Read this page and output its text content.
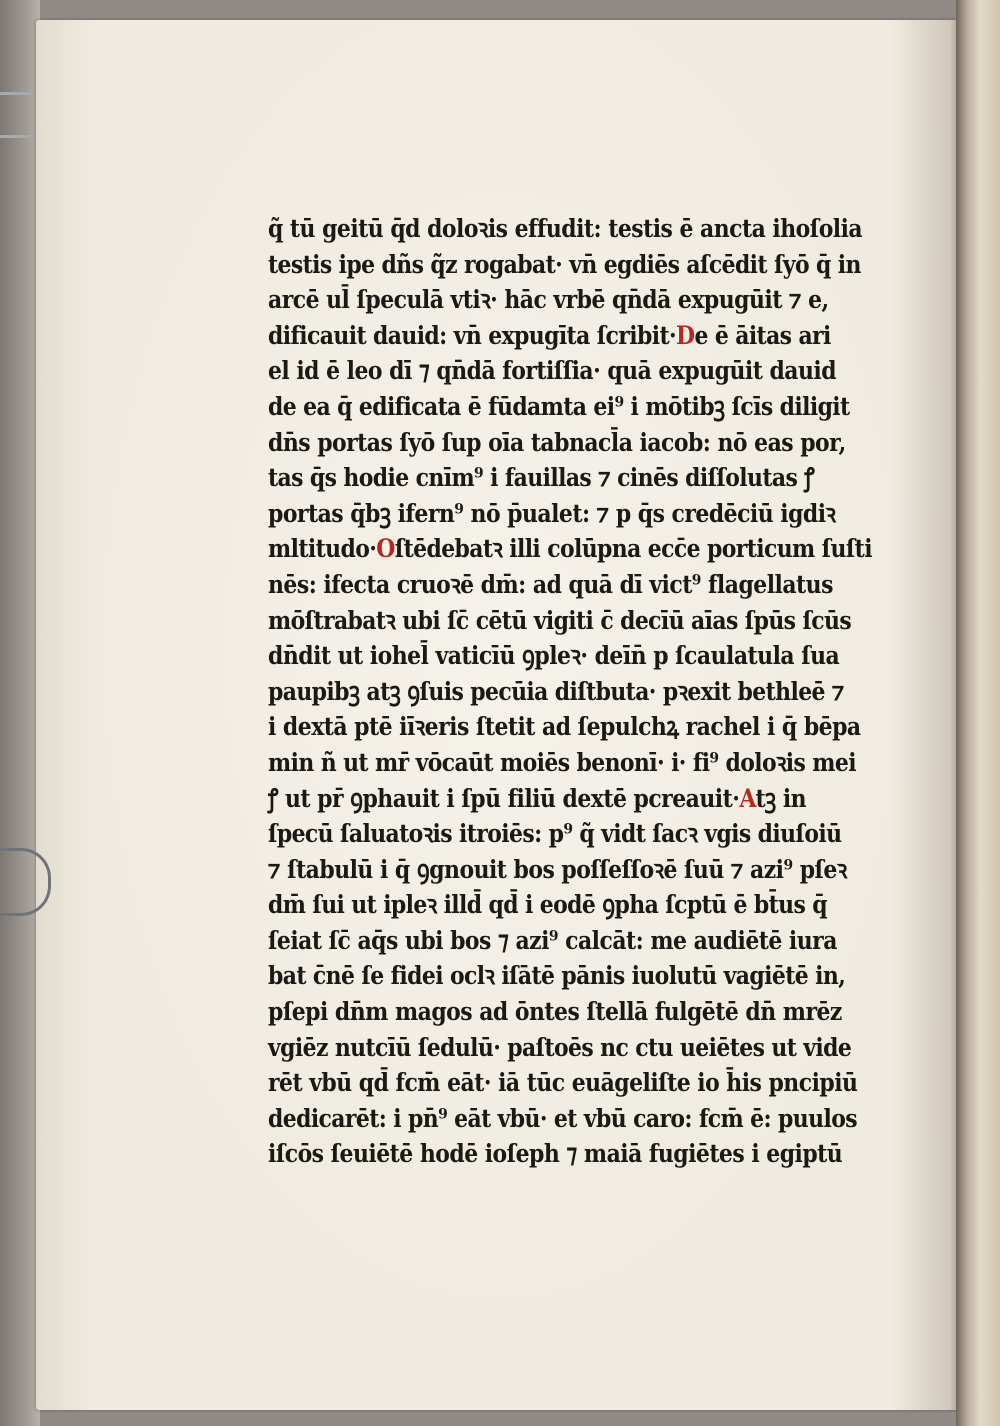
q̃ tū geitū q̄d doloꝛis effudit: testis ē ancta ihoſolia
testis ipe dñs q̃z rogabat· vn̄ egdiēs aſcēdit ſyō q̄ in
arcē ul̄ ſpeculā vtiꝛ· hāc vrbē qn̄dā expugūit ⁊ e,
dificauit dauid: vn̄ expugīta ſcribit·De ē āitas ari
el id ē leo dī ⁊ qn̄dā fortiſſia· quā expugūit dauid
de ea q̄ edificata ē fūdamta ei⁹ i mōtibꝫ ſcīs diligit
dn̄s portas ſyō ſup oīa tabnacl̄a iacob: nō eas por,
tas q̄s hodie cnīm⁹ i fauillas ⁊ cinēs diſſolutas ꝭ
portas q̄bꝫ ifern⁹ nō p̄ualet: ⁊ p q̄s credēciū igdiꝛ
mltitudo·Oſtēdebatꝛ illi colūpna ecc̄e porticum ſuſti
nēs: ifecta cruoꝛē dm̄: ad quā dī vict⁹ flagellatus
mōſtrabatꝛ ubi ſc̄ cētū vigiti c̄ decīū aīas ſpūs ſcūs
dn̄dit ut iohel̄ vaticīū ꝯpleꝛ· deīn̄ p ſcaulatula ſua
paupibꝫ atꝫ ꝯſuis pecūia diſtbuta· pꝛexit bethleē ⁊
i dextā ptē iīꝛeris ſtetit ad ſepulchꝝ rachel i q̄ bēpa
min ñ ut mr̄ vōcaūt moiēs benonī· i· fi⁹ doloꝛis mei
ꝭ ut pr̄ ꝯphauit i ſpū filiū dextē pcreauit·Atꝫ in
ſpecū ſaluatoꝛis itroiēs: p⁹ q̃ vidt ſacꝛ vgis diuſoiū
⁊ ſtabulū i q̄ ꝯgnouit bos poſſeſſoꝛē ſuū ⁊ azi⁹ pſeꝛ
dm̄ ſui ut ipleꝛ illd̄ qd̄ i eodē ꝯpha ſcptū ē bt̄us q̄
ſeiat ſc̄ aq̄s ubi bos ⁊ azi⁹ calcāt: me audiētē iura
bat c̄nē ſe fidei oclꝛ iſātē pānis iuolutū vagiētē in,
pſepi dn̄m magos ad ōntes ſtellā fulgētē dn̄ mrēz
vgiēz nutcīū ſedulū· paſtoēs nc ctu ueiētes ut vide
rēt vbū qd̄ fcm̄ eāt· iā tūc euāgeliſte io h̄is pncipiū
dedicarēt: i pn̄⁹ eāt vbū· et vbū caro: fcm̄ ē: puulos
iſcōs ſeuiētē hodē ioſeph ⁊ maiā fugiētes i egiptū
